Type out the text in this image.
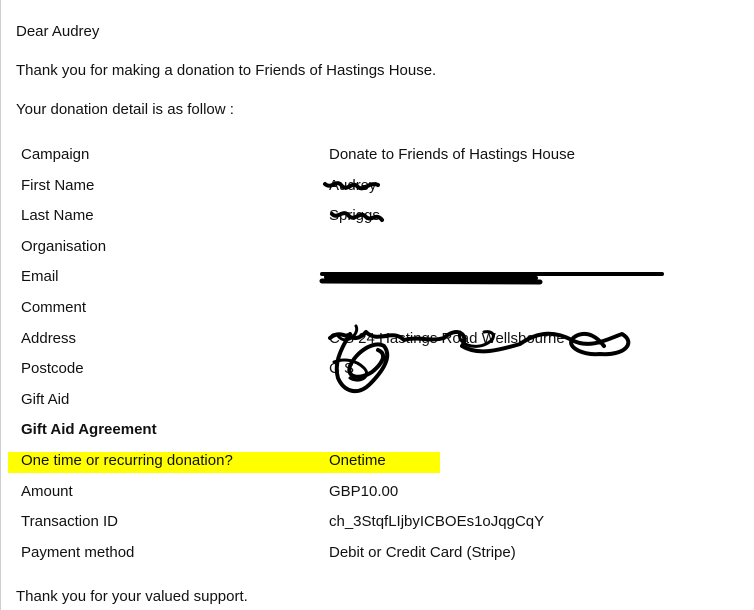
Dear Audrey

Thank you for making a donation to Friends of Hastings House.

Your donation detail is as follow :

Campaign	Donate to Friends of Hastings House
First Name	Audrey
Last Name	Spriggs
Organisation
Email
Comment
Address	C S 24 Hastings Road Wellsbourne
Postcode	C S
Gift Aid
Gift Aid Agreement
One time or recurring donation?	Onetime
Amount	GBP10.00
Transaction ID	ch_3StqfLIjbyICBOEs1oJqgCqY
Payment method	Debit or Credit Card (Stripe)

Thank you for your valued support.
